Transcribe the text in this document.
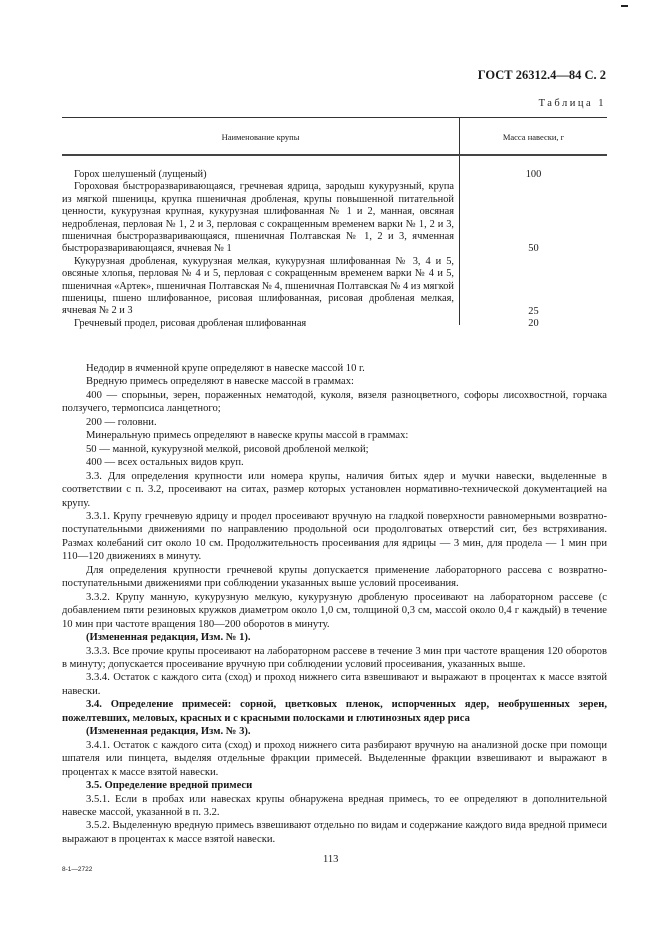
ГОСТ 26312.4—84 С. 2
Таблица 1
Наименование крупы	Масса навески, г
Горох шелушеный (лущеный)	100
Гороховая быстроразваривающаяся, гречневая ядрица, зародыш кукурузный, крупа из мягкой пшеницы, крупка пшеничная дробленая, крупы повышенной питательной ценности, кукурузная крупная, кукурузная шлифованная № 1 и 2, манная, овсяная недробленая, перловая № 1, 2 и 3, перловая с сокращенным временем варки № 1, 2 и 3, пшеничная быстроразваривающаяся, пшеничная Полтавская № 1, 2 и 3, ячменная быстроразваривающаяся, ячневая № 1	50
Кукурузная дробленая, кукурузная мелкая, кукурузная шлифованная № 3, 4 и 5, овсяные хлопья, перловая № 4 и 5, перловая с сокращенным временем варки № 4 и 5, пшеничная «Артек», пшеничная Полтавская № 4, пшеничная Полтавская № 4 из мягкой пшеницы, пшено шлифованное, рисовая шлифованная, рисовая дробленая мелкая, ячневая № 2 и 3	25
Гречневый продел, рисовая дробленая шлифованная	20

Недодир в ячменной крупе определяют в навеске массой 10 г.

Вредную примесь определяют в навеске массой в граммах:

400 — спорыньи, зерен, пораженных нематодой, куколя, вязеля разноцветного, софоры лисохвостной, горчака ползучего, термопсиса ланцетного;

200 — головни.

Минеральную примесь определяют в навеске крупы массой в граммах:

50 — манной, кукурузной мелкой, рисовой дробленой мелкой;

400 — всех остальных видов круп.

3.3. Для определения крупности или номера крупы, наличия битых ядер и мучки навески, выделенные в соответствии с п. 3.2, просеивают на ситах, размер которых установлен нормативно-технической документацией на крупу.

3.3.1. Крупу гречневую ядрицу и продел просеивают вручную на гладкой поверхности равномерными возвратно-поступательными движениями по направлению продольной оси продолговатых отверстий сит, без встряхивания. Размах колебаний сит около 10 см. Продолжительность просеивания для ядрицы — 3 мин, для продела — 1 мин при 110—120 движениях в минуту.

Для определения крупности гречневой крупы допускается применение лабораторного рассева с возвратно-поступательными движениями при соблюдении указанных выше условий просеивания.

3.3.2. Крупу манную, кукурузную мелкую, кукурузную дробленую просеивают на лабораторном рассеве (с добавлением пяти резиновых кружков диаметром около 1,0 см, толщиной 0,3 см, массой около 0,4 г каждый) в течение 10 мин при частоте вращения 180—200 оборотов в минуту.

(Измененная редакция, Изм. № 1).

3.3.3. Все прочие крупы просеивают на лабораторном рассеве в течение 3 мин при частоте вращения 120 оборотов в минуту; допускается просеивание вручную при соблюдении условий просеивания, указанных выше.

3.3.4. Остаток с каждого сита (сход) и проход нижнего сита взвешивают и выражают в процентах к массе взятой навески.

3.4. Определение примесей: сорной, цветковых пленок, испорченных ядер, необрушенных зерен, пожелтевших, меловых, красных и с красными полосками и глютинозных ядер риса

(Измененная редакция, Изм. № 3).

3.4.1. Остаток с каждого сита (сход) и проход нижнего сита разбирают вручную на анализной доске при помощи шпателя или пинцета, выделяя отдельные фракции примесей. Выделенные фракции взвешивают и выражают в процентах к массе взятой навески.

3.5. Определение вредной примеси

3.5.1. Если в пробах или навесках крупы обнаружена вредная примесь, то ее определяют в дополнительной навеске массой, указанной в п. 3.2.

3.5.2. Выделенную вредную примесь взвешивают отдельно по видам и содержание каждого вида вредной примеси выражают в процентах к массе взятой навески.

113
8-1—2722
